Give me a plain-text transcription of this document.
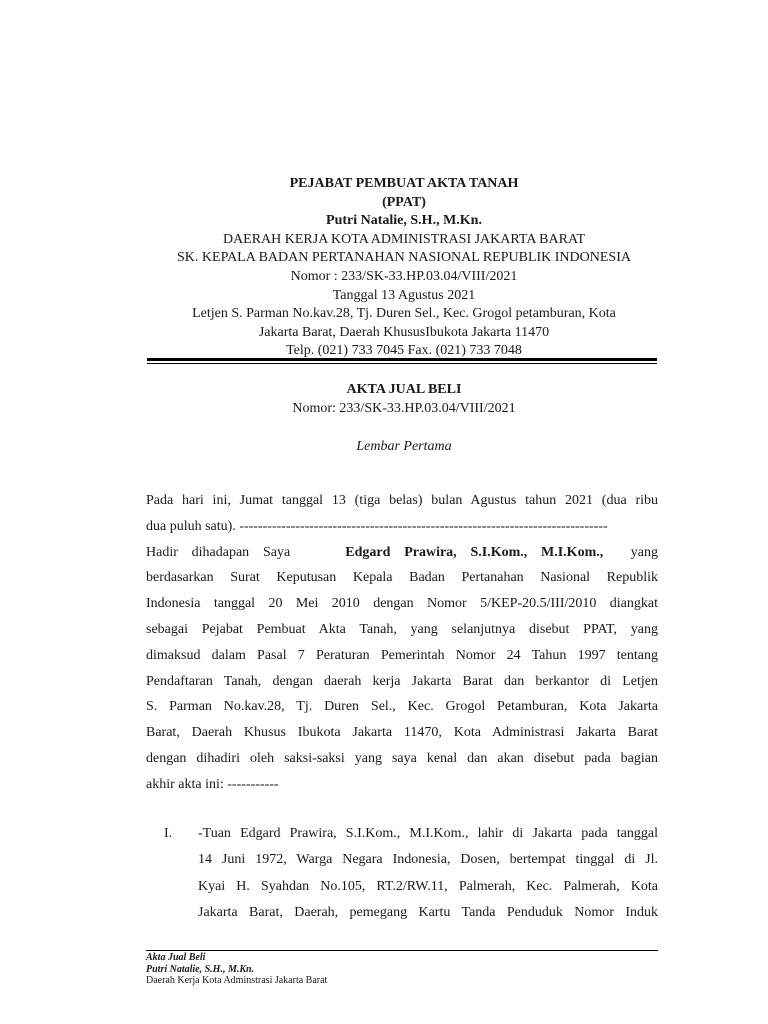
PEJABAT PEMBUAT AKTA TANAH
(PPAT)
Putri Natalie, S.H., M.Kn.
DAERAH KERJA KOTA ADMINISTRASI JAKARTA BARAT
SK. KEPALA BADAN PERTANAHAN NASIONAL REPUBLIK INDONESIA
Nomor : 233/SK-33.HP.03.04/VIII/2021
Tanggal 13 Agustus 2021
Letjen S. Parman No.kav.28, Tj. Duren Sel., Kec. Grogol petamburan, Kota
Jakarta Barat, Daerah KhususIbukota Jakarta 11470
Telp. (021) 733 7045 Fax. (021) 733 7048
AKTA JUAL BELI
Nomor: 233/SK-33.HP.03.04/VIII/2021
Lembar Pertama
Pada hari ini, Jumat tanggal 13 (tiga belas) bulan Agustus tahun 2021 (dua ribu
dua puluh satu). -------------------------------------------------------------------------------
Hadir dihadapan Saya	Edgard Prawira, S.I.Kom., M.I.Kom., yang
berdasarkan Surat Keputusan Kepala Badan Pertanahan Nasional Republik
Indonesia tanggal 20 Mei 2010 dengan Nomor 5/KEP-20.5/III/2010 diangkat
sebagai Pejabat Pembuat Akta Tanah, yang selanjutnya disebut PPAT, yang
dimaksud dalam Pasal 7 Peraturan Pemerintah Nomor 24 Tahun 1997 tentang
Pendaftaran Tanah, dengan daerah kerja Jakarta Barat dan berkantor di Letjen
S. Parman No.kav.28, Tj. Duren Sel., Kec. Grogol Petamburan, Kota Jakarta
Barat, Daerah Khusus Ibukota Jakarta 11470, Kota Administrasi Jakarta Barat
dengan dihadiri oleh saksi-saksi yang saya kenal dan akan disebut pada bagian
akhir akta ini: -----------
I. -Tuan Edgard Prawira, S.I.Kom., M.I.Kom., lahir di Jakarta pada tanggal
14 Juni 1972, Warga Negara Indonesia, Dosen, bertempat tinggal di Jl.
Kyai H. Syahdan No.105, RT.2/RW.11, Palmerah, Kec. Palmerah, Kota
Jakarta Barat, Daerah, pemegang Kartu Tanda Penduduk Nomor Induk
Akta Jual Beli
Putri Natalie, S.H., M.Kn.
Daerah Kerja Kota Adminstrasi Jakarta Barat
